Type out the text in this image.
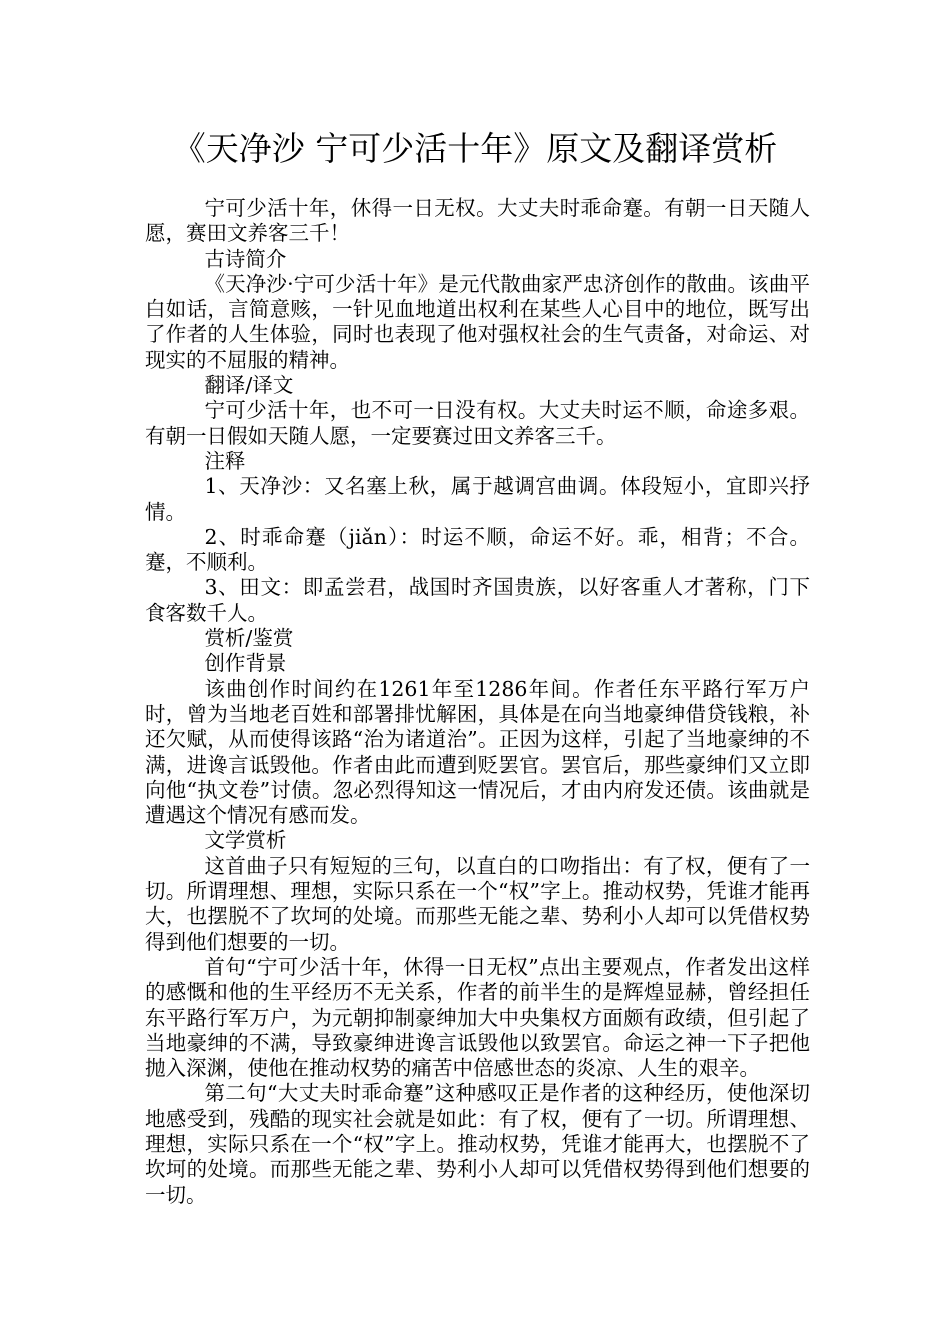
《天净沙 宁可少活十年》原文及翻译赏析

宁可少活十年，休得一日无权。大丈夫时乖命蹇。有朝一日天随人愿，赛田文养客三千！

古诗简介

《天净沙·宁可少活十年》是元代散曲家严忠济创作的散曲。该曲平白如话，言简意赅，一针见血地道出权利在某些人心目中的地位，既写出了作者的人生体验，同时也表现了他对强权社会的生气责备，对命运、对现实的不屈服的精神。

翻译/译文

宁可少活十年，也不可一日没有权。大丈夫时运不顺，命途多艰。有朝一日假如天随人愿，一定要赛过田文养客三千。

注释

1、天净沙：又名塞上秋，属于越调宫曲调。体段短小，宜即兴抒情。

2、时乖命蹇（jiǎn）：时运不顺，命运不好。乖，相背；不合。蹇，不顺利。

3、田文：即孟尝君，战国时齐国贵族，以好客重人才著称，门下食客数千人。

赏析/鉴赏

创作背景

该曲创作时间约在1261年至1286年间。作者任东平路行军万户时，曾为当地老百姓和部署排忧解困，具体是在向当地豪绅借贷钱粮，补还欠赋，从而使得该路“治为诸道治”。正因为这样，引起了当地豪绅的不满，进谗言诋毁他。作者由此而遭到贬罢官。罢官后，那些豪绅们又立即向他“执文卷”讨债。忽必烈得知这一情况后，才由内府发还债。该曲就是遭遇这个情况有感而发。

文学赏析

这首曲子只有短短的三句，以直白的口吻指出：有了权，便有了一切。所谓理想、理想，实际只系在一个“权”字上。推动权势，凭谁才能再大，也摆脱不了坎坷的处境。而那些无能之辈、势利小人却可以凭借权势得到他们想要的一切。

首句“宁可少活十年，休得一日无权”点出主要观点，作者发出这样的感慨和他的生平经历不无关系，作者的前半生的是辉煌显赫，曾经担任东平路行军万户，为元朝抑制豪绅加大中央集权方面颇有政绩，但引起了当地豪绅的不满，导致豪绅进谗言诋毁他以致罢官。命运之神一下子把他抛入深渊，使他在推动权势的痛苦中倍感世态的炎凉、人生的艰辛。

第二句“大丈夫时乖命蹇”这种感叹正是作者的这种经历，使他深切地感受到，残酷的现实社会就是如此：有了权，便有了一切。所谓理想、理想，实际只系在一个“权”字上。推动权势，凭谁才能再大，也摆脱不了坎坷的处境。而那些无能之辈、势利小人却可以凭借权势得到他们想要的一切。
